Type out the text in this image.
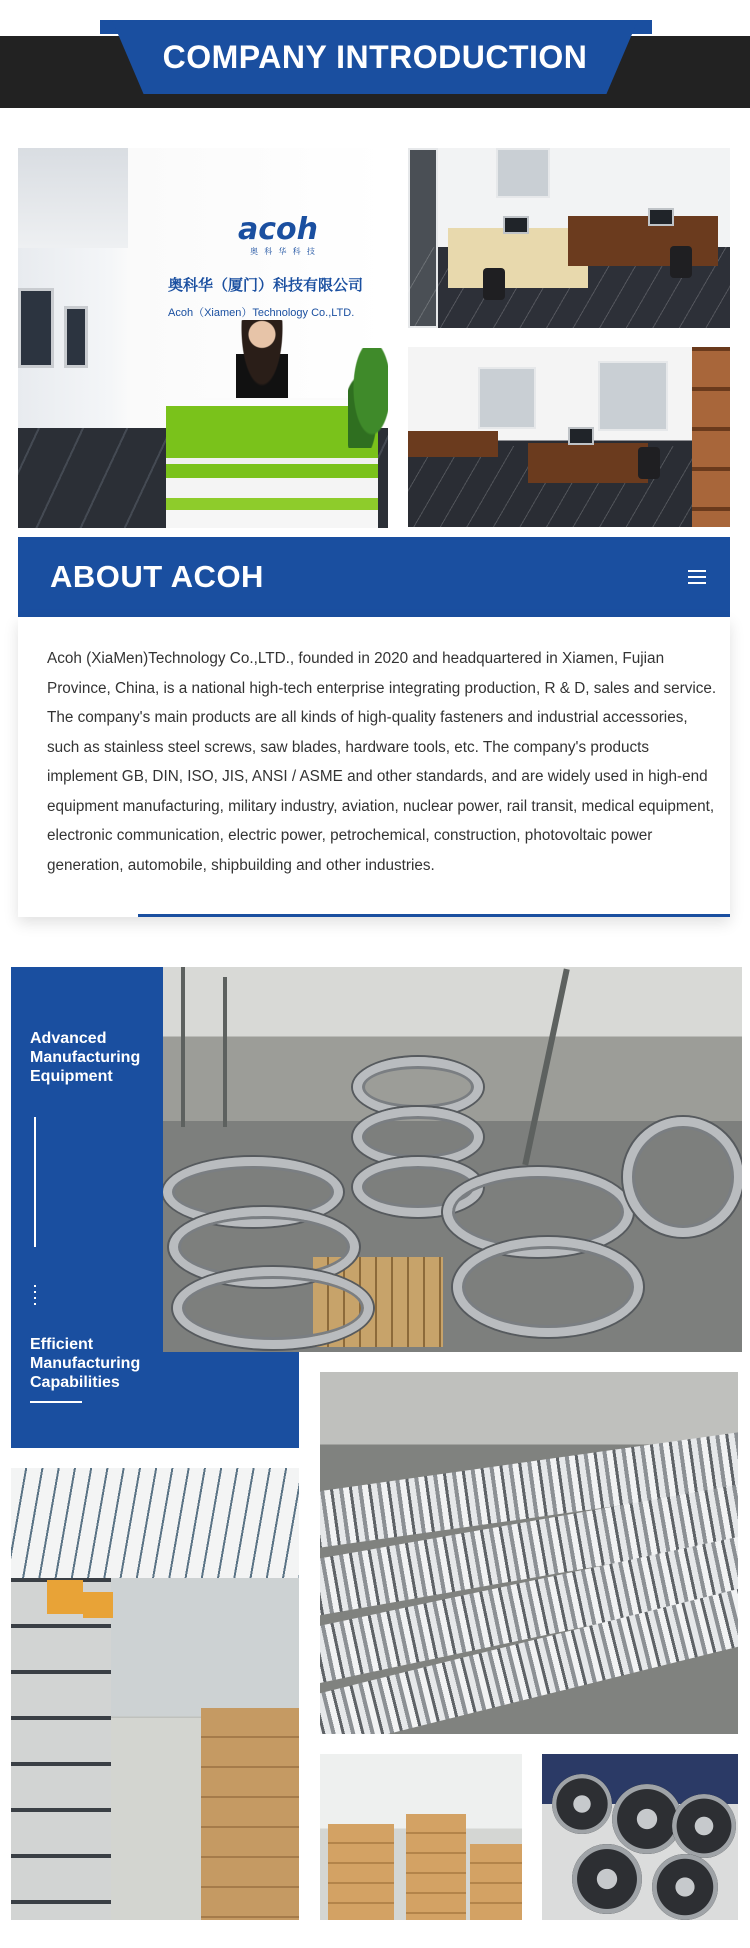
COMPANY INTRODUCTION
acoh
奥 科 华 科 技
奥科华（厦门）科技有限公司
Acoh（Xiamen）Technology Co.,LTD.
ABOUT ACOH

Acoh (XiaMen)Technology Co.,LTD., founded in 2020 and headquartered in Xiamen, Fujian Province, China, is a national high-tech enterprise integrating production, R & D, sales and service. The company's main products are all kinds of high-quality fasteners and industrial accessories, such as stainless steel screws, saw blades, hardware tools, etc. The company's products implement GB, DIN, ISO, JIS, ANSI / ASME and other standards, and are widely used in high-end equipment manufacturing, military industry, aviation, nuclear power, rail transit, medical equipment, electronic communication, electric power, petrochemical, construction, photovoltaic power generation, automobile, shipbuilding and other industries.

Advanced Manufacturing Equipment
Efficient Manufacturing Capabilities
